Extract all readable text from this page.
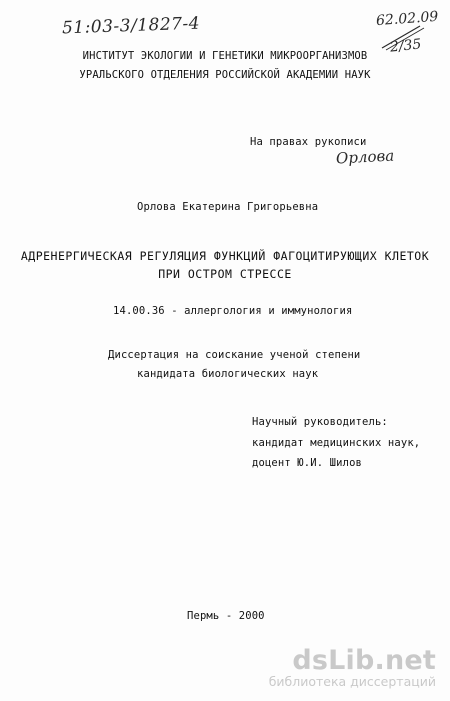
51:03-3/1827-4	62.02.09
2/35
ИНСТИТУТ ЭКОЛОГИИ И ГЕНЕТИКИ МИКРООРГАНИЗМОВ
УРАЛЬСКОГО ОТДЕЛЕНИЯ РОССИЙСКОЙ АКАДЕМИИ НАУК
На правах рукописи
Орлова
Орлова Екатерина Григорьевна
АДРЕНЕРГИЧЕСКАЯ РЕГУЛЯЦИЯ ФУНКЦИЙ ФАГОЦИТИРУЮЩИХ КЛЕТОК
ПРИ ОСТРОМ СТРЕССЕ
14.00.36 - аллергология и иммунология
Диссертация на соискание ученой степени
кандидата биологических наук
Научный руководитель:
кандидат медицинских наук,
доцент Ю.И. Шилов
Пермь - 2000
dsLib.net
библиотека диссертаций
